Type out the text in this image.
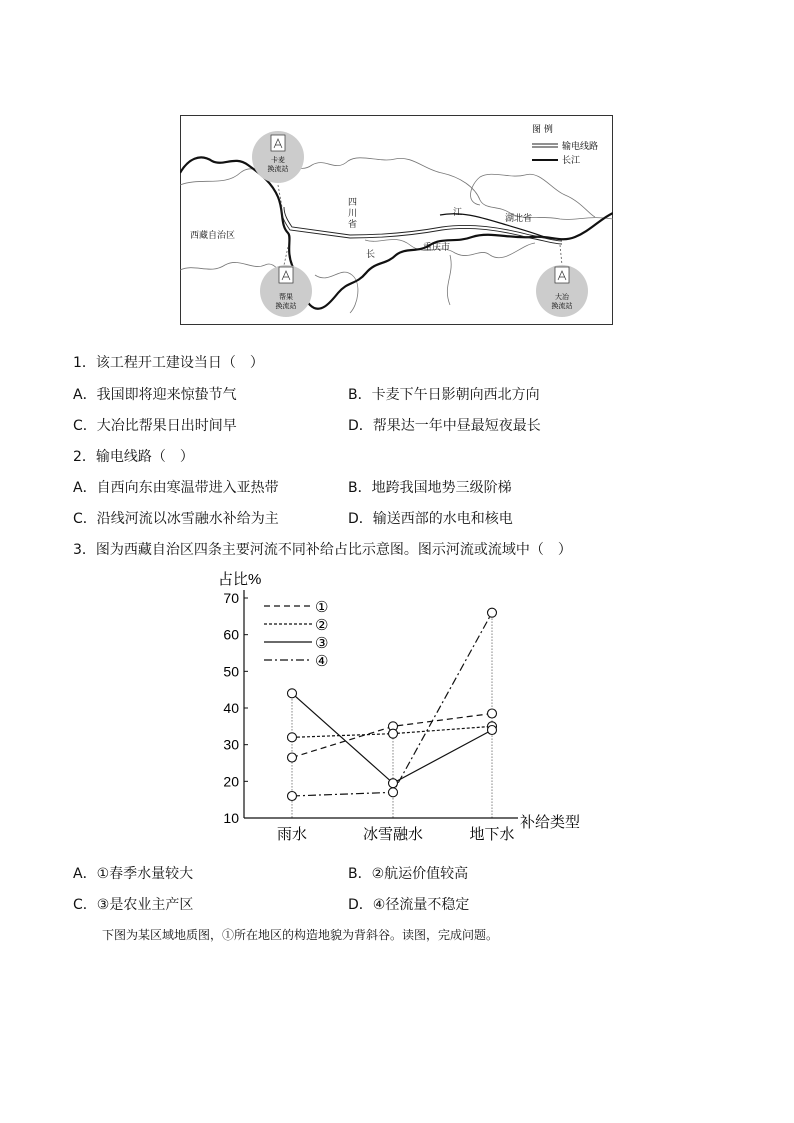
图 例
输电线路
长江
西藏自治区
四
川
省
湖北省
重庆市
江
长
卡麦
换流站
帮果
换流站
大冶
换流站
1．该工程开工建设当日（　）
A．我国即将迎来惊蛰节气	B．卡麦下午日影朝向西北方向
C．大冶比帮果日出时间早	D．帮果达一年中昼最短夜最长
2．输电线路（　）
A．自西向东由寒温带进入亚热带	B．地跨我国地势三级阶梯
C．沿线河流以冰雪融水补给为主	D．输送西部的水电和核电
3．图为西藏自治区四条主要河流不同补给占比示意图。图示河流或流域中（　）
10
20
30
40
50
60
70
占比%
补给类型
雨水	冰雪融水	地下水
①
②
③
④
A．①春季水量较大	B．②航运价值较高
C．③是农业主产区	D．④径流量不稳定
下图为某区域地质图，①所在地区的构造地貌为背斜谷。读图，完成问题。
